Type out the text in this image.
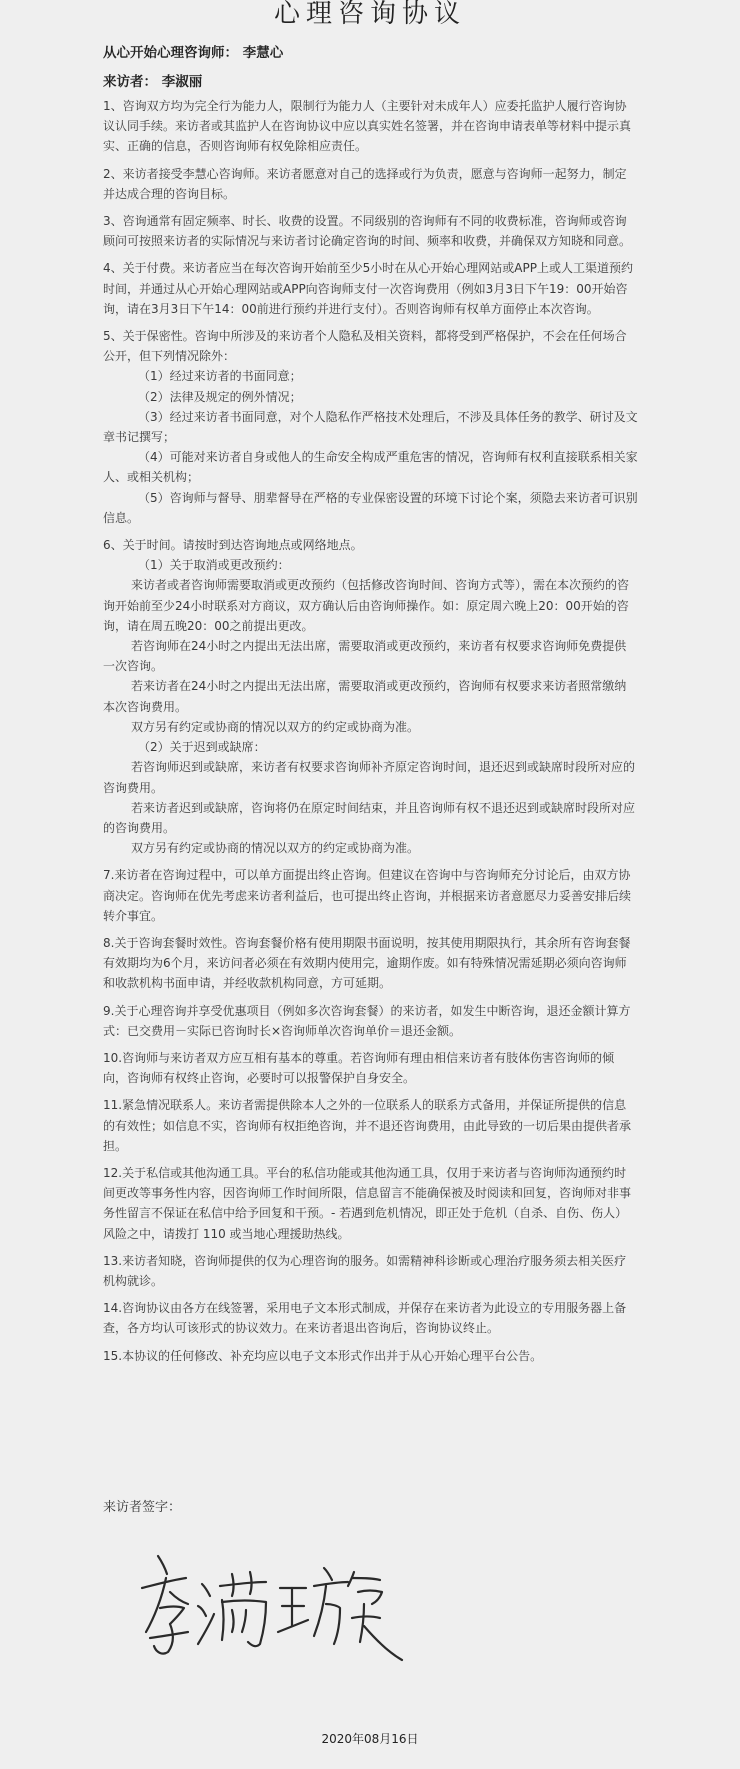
心理咨询协议
从心开始心理咨询师： 李慧心
来访者： 李淑丽

1、咨询双方均为完全行为能力人，限制行为能力人（主要针对未成年人）应委托监护人履行咨询协议认同手续。来访者或其监护人在咨询协议中应以真实姓名签署，并在咨询申请表单等材料中提示真实、正确的信息，否则咨询师有权免除相应责任。

2、来访者接受李慧心咨询师。来访者愿意对自己的选择或行为负责，愿意与咨询师一起努力，制定并达成合理的咨询目标。

3、咨询通常有固定频率、时长、收费的设置。不同级别的咨询师有不同的收费标准，咨询师或咨询顾问可按照来访者的实际情况与来访者讨论确定咨询的时间、频率和收费，并确保双方知晓和同意。

4、关于付费。来访者应当在每次咨询开始前至少5小时在从心开始心理网站或APP上或人工渠道预约时间，并通过从心开始心理网站或APP向咨询师支付一次咨询费用（例如3月3日下午19：00开始咨询，请在3月3日下午14：00前进行预约并进行支付）。否则咨询师有权单方面停止本次咨询。

5、关于保密性。咨询中所涉及的来访者个人隐私及相关资料，都将受到严格保护，不会在任何场合公开，但下列情况除外：

（1）经过来访者的书面同意；

（2）法律及规定的例外情况；

（3）经过来访者书面同意，对个人隐私作严格技术处理后，不涉及具体任务的教学、研讨及文章书记撰写；

（4）可能对来访者自身或他人的生命安全构成严重危害的情况，咨询师有权利直接联系相关家人、或相关机构；

（5）咨询师与督导、朋辈督导在严格的专业保密设置的环境下讨论个案，须隐去来访者可识别信息。

6、关于时间。请按时到达咨询地点或网络地点。

（1）关于取消或更改预约：

来访者或者咨询师需要取消或更改预约（包括修改咨询时间、咨询方式等），需在本次预约的咨询开始前至少24小时联系对方商议，双方确认后由咨询师操作。如：原定周六晚上20：00开始的咨询，请在周五晚20：00之前提出更改。

若咨询师在24小时之内提出无法出席，需要取消或更改预约，来访者有权要求咨询师免费提供一次咨询。

若来访者在24小时之内提出无法出席，需要取消或更改预约，咨询师有权要求来访者照常缴纳本次咨询费用。

双方另有约定或协商的情况以双方的约定或协商为准。

（2）关于迟到或缺席：

若咨询师迟到或缺席，来访者有权要求咨询师补齐原定咨询时间，退还迟到或缺席时段所对应的咨询费用。

若来访者迟到或缺席，咨询将仍在原定时间结束，并且咨询师有权不退还迟到或缺席时段所对应的咨询费用。

双方另有约定或协商的情况以双方的约定或协商为准。

7.来访者在咨询过程中，可以单方面提出终止咨询。但建议在咨询中与咨询师充分讨论后，由双方协商决定。咨询师在优先考虑来访者利益后，也可提出终止咨询，并根据来访者意愿尽力妥善安排后续转介事宜。

8.关于咨询套餐时效性。咨询套餐价格有使用期限书面说明，按其使用期限执行，其余所有咨询套餐有效期均为6个月，来访问者必须在有效期内使用完，逾期作废。如有特殊情况需延期必须向咨询师和收款机构书面申请，并经收款机构同意，方可延期。

9.关于心理咨询并享受优惠项目（例如多次咨询套餐）的来访者，如发生中断咨询，退还金额计算方式：已交费用－实际已咨询时长×咨询师单次咨询单价＝退还金额。

10.咨询师与来访者双方应互相有基本的尊重。若咨询师有理由相信来访者有肢体伤害咨询师的倾向，咨询师有权终止咨询，必要时可以报警保护自身安全。

11.紧急情况联系人。来访者需提供除本人之外的一位联系人的联系方式备用，并保证所提供的信息的有效性；如信息不实，咨询师有权拒绝咨询，并不退还咨询费用，由此导致的一切后果由提供者承担。

12.关于私信或其他沟通工具。平台的私信功能或其他沟通工具，仅用于来访者与咨询师沟通预约时间更改等事务性内容，因咨询师工作时间所限，信息留言不能确保被及时阅读和回复，咨询师对非事务性留言不保证在私信中给予回复和干预。- 若遇到危机情况，即正处于危机（自杀、自伤、伤人）风险之中，请拨打 110 或当地心理援助热线。

13.来访者知晓，咨询师提供的仅为心理咨询的服务。如需精神科诊断或心理治疗服务须去相关医疗机构就诊。

14.咨询协议由各方在线签署，采用电子文本形式制成，并保存在来访者为此设立的专用服务器上备查，各方均认可该形式的协议效力。在来访者退出咨询后，咨询协议终止。

15.本协议的任何修改、补充均应以电子文本形式作出并于从心开始心理平台公告。

来访者签字：
2020年08月16日
